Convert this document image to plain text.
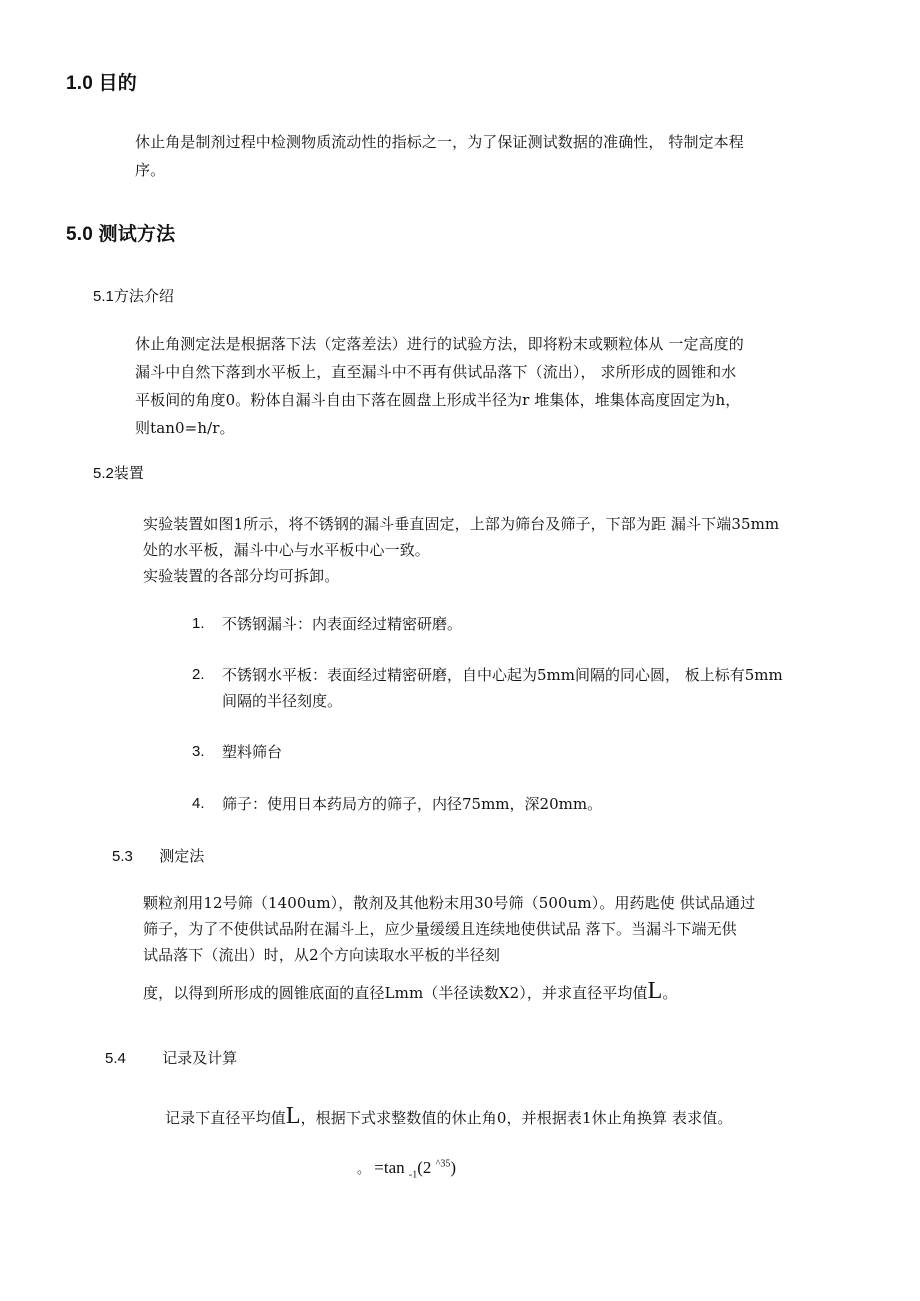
1.0 目的

休止角是制剂过程中检测物质流动性的指标之一，为了保证测试数据的准确性， 特制定本程

序。

5.0 测试方法
5.1方法介绍

休止角测定法是根据落下法（定落差法）进行的试验方法，即将粉末或颗粒体从 一定高度的

漏斗中自然下落到水平板上，直至漏斗中不再有供试品落下（流出）， 求所形成的圆锥和水

平板间的角度0。粉体自漏斗自由下落在圆盘上形成半径为r 堆集体，堆集体高度固定为h，

则tan0=h/r。

5.2装置

实验装置如图1所示，将不锈钢的漏斗垂直固定，上部为筛台及筛子，下部为距 漏斗下端35mm

处的水平板，漏斗中心与水平板中心一致。

实验装置的各部分均可拆卸。

1. 不锈钢漏斗：内表面经过精密研磨。
2. 不锈钢水平板：表面经过精密研磨，自中心起为5mm间隔的同心圆， 板上标有5mm
间隔的半径刻度。
3. 塑料筛台
4. 筛子：使用日本药局方的筛子，内径75mm，深20mm。
5.3 测定法

颗粒剂用12号筛（1400um），散剂及其他粉末用30号筛（500um）。用药匙使 供试品通过

筛子，为了不使供试品附在漏斗上，应少量缓缓且连续地使供试品 落下。当漏斗下端无供

试品落下（流出）时，从2个方向读取水平板的半径刻

度，以得到所形成的圆锥底面的直径Lmm（半径读数X2），并求直径平均值L。

5.4 记录及计算

记录下直径平均值L，根据下式求整数值的休止角0，并根据表1休止角换算 表求值。

。 =tan $_{-1}$(2 $^{\^{}35}$)
